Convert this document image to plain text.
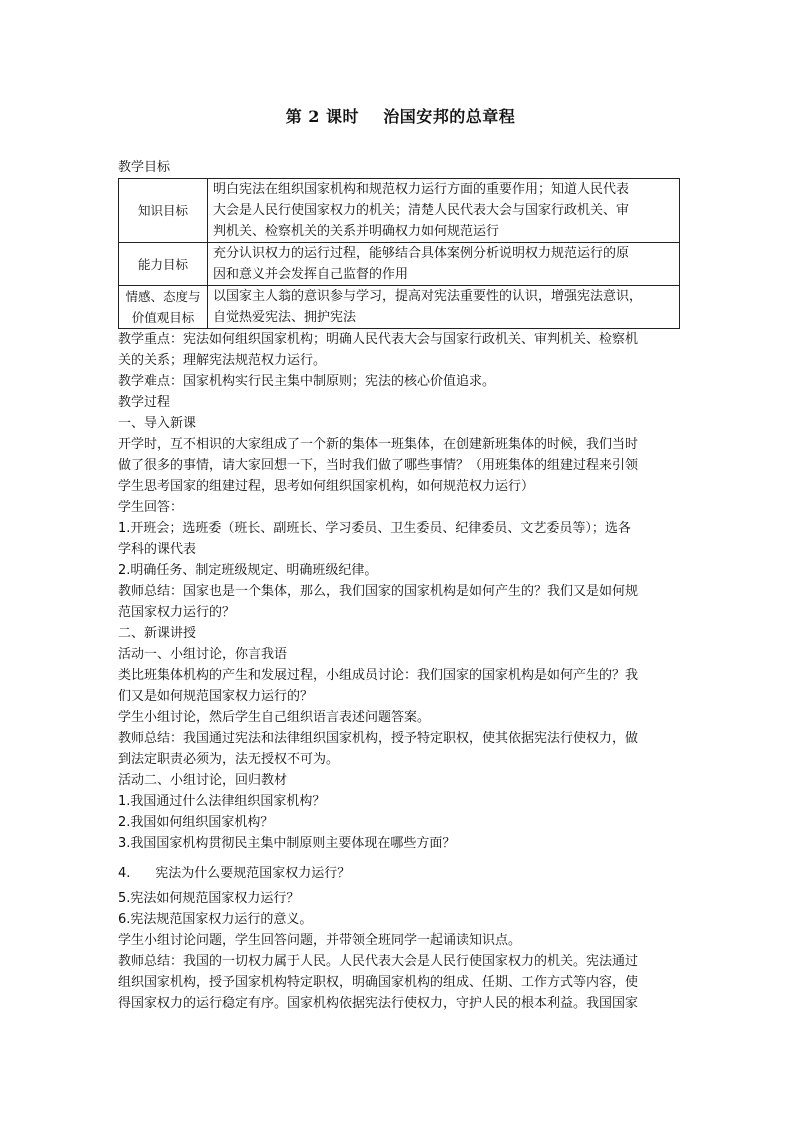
第 2 课时    治国安邦的总章程
教学目标
知识目标	明白宪法在组织国家机构和规范权力运行方面的重要作用；知道人民代表
大会是人民行使国家权力的机关；清楚人民代表大会与国家行政机关、审
判机关、检察机关的关系并明确权力如何规范运行

能力目标	充分认识权力的运行过程，能够结合具体案例分析说明权力规范运行的原
因和意义并会发挥自己监督的作用

情感、态度与
价值观目标	以国家主人翁的意识参与学习，提高对宪法重要性的认识，增强宪法意识，
自觉热爱宪法、拥护宪法
教学重点：宪法如何组织国家机构；明确人民代表大会与国家行政机关、审判机关、检察机
关的关系；理解宪法规范权力运行。
教学难点：国家机构实行民主集中制原则；宪法的核心价值追求。
教学过程
一、导入新课
开学时，互不相识的大家组成了一个新的集体一班集体，在创建新班集体的时候，我们当时
做了很多的事情，请大家回想一下，当时我们做了哪些事情？（用班集体的组建过程来引领
学生思考国家的组建过程，思考如何组织国家机构，如何规范权力运行）
学生回答：
1.开班会；选班委（班长、副班长、学习委员、卫生委员、纪律委员、文艺委员等）；选各
学科的课代表
2.明确任务、制定班级规定、明确班级纪律。
教师总结：国家也是一个集体，那么，我们国家的国家机构是如何产生的？我们又是如何规
范国家权力运行的？
二、新课讲授
活动一、小组讨论，你言我语
类比班集体机构的产生和发展过程，小组成员讨论：我们国家的国家机构是如何产生的？我
们又是如何规范国家权力运行的？
学生小组讨论，然后学生自己组织语言表述问题答案。
教师总结：我国通过宪法和法律组织国家机构，授予特定职权，使其依据宪法行使权力，做
到法定职责必须为，法无授权不可为。
活动二、小组讨论，回归教材
1.我国通过什么法律组织国家机构？
2.我国如何组织国家机构？
3.我国国家机构贯彻民主集中制原则主要体现在哪些方面？
4.      宪法为什么要规范国家权力运行？
5.宪法如何规范国家权力运行？
6.宪法规范国家权力运行的意义。
学生小组讨论问题，学生回答问题，并带领全班同学一起诵读知识点。
教师总结：我国的一切权力属于人民。人民代表大会是人民行使国家权力的机关。宪法通过
组织国家机构，授予国家机构特定职权，明确国家机构的组成、任期、工作方式等内容，使
得国家权力的运行稳定有序。国家机构依据宪法行使权力，守护人民的根本利益。我国国家
